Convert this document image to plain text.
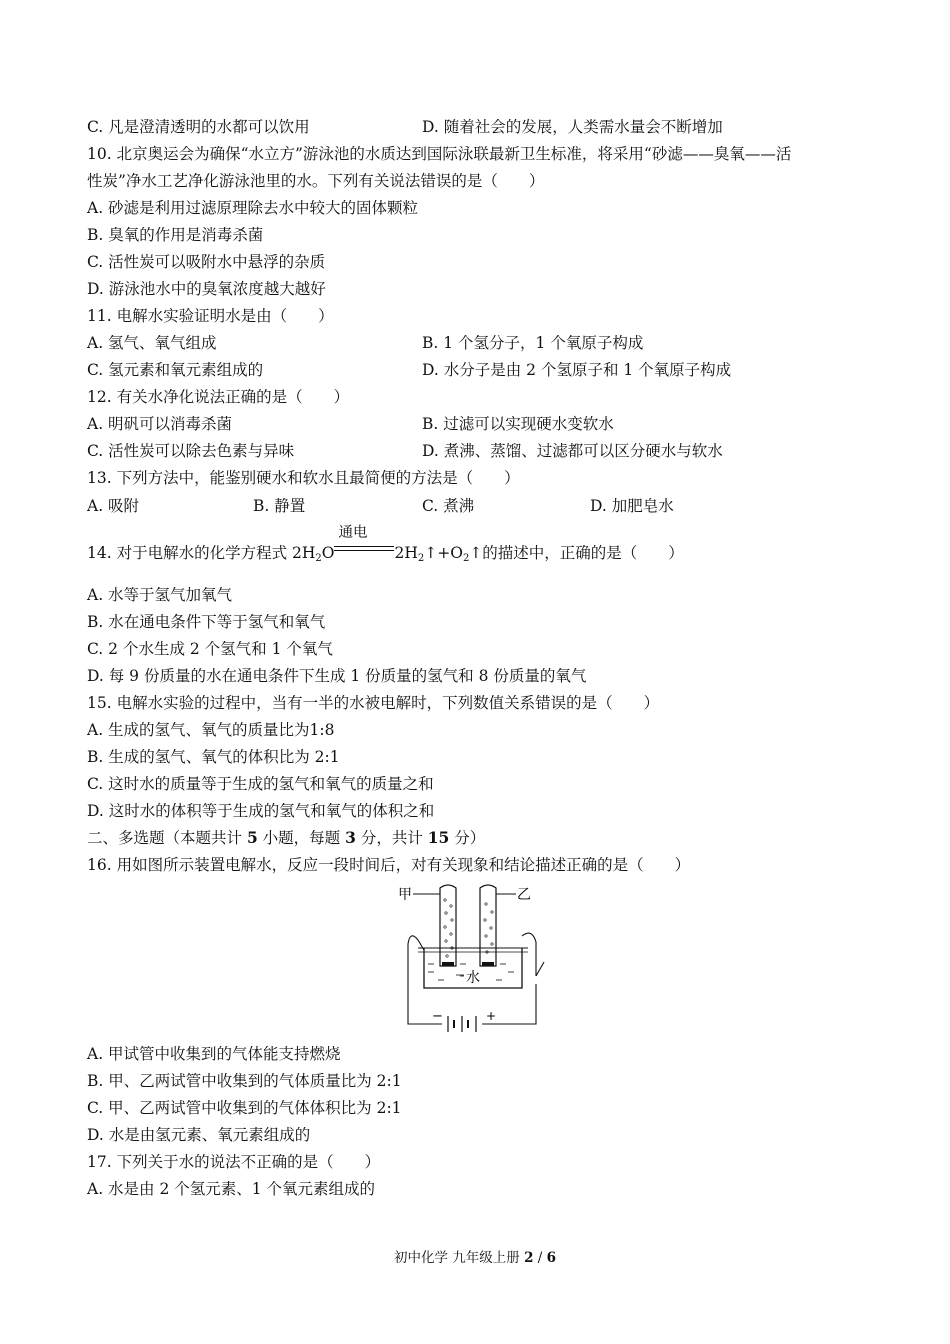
C. 凡是澄清透明的水都可以饮用	D. 随着社会的发展，人类需水量会不断增加
10. 北京奥运会为确保“水立方”游泳池的水质达到国际泳联最新卫生标准，将采用“砂滤——臭氧——活
性炭”净水工艺净化游泳池里的水。下列有关说法错误的是（　　）
A. 砂滤是利用过滤原理除去水中较大的固体颗粒
B. 臭氧的作用是消毒杀菌
C. 活性炭可以吸附水中悬浮的杂质
D. 游泳池水中的臭氧浓度越大越好
11. 电解水实验证明水是由（　　）
A. 氢气、氧气组成	B. 1 个氢分子，1 个氧原子构成
C. 氢元素和氧元素组成的	D. 水分子是由 2 个氢原子和 1 个氧原子构成
12. 有关水净化说法正确的是（　　）
A. 明矾可以消毒杀菌	B. 过滤可以实现硬水变软水
C. 活性炭可以除去色素与异味	D. 煮沸、蒸馏、过滤都可以区分硬水与软水
13. 下列方法中，能鉴别硬水和软水且最简便的方法是（　　）
A. 吸附	B. 静置	C. 煮沸	D. 加肥皂水
14. 对于电解水的化学方程式 $2H_2O$
通电
$2H_2↑+O_2↑$的描述中，正确的是（　　）
A. 水等于氢气加氧气
B. 水在通电条件下等于氢气和氧气
C. 2 个水生成 2 个氢气和 1 个氧气
D. 每 9 份质量的水在通电条件下生成 1 份质量的氢气和 8 份质量的氧气
15. 电解水实验的过程中，当有一半的水被电解时，下列数值关系错误的是（　　）
A. 生成的氢气、氧气的质量比为1:8
B. 生成的氢气、氧气的体积比为 2:1
C. 这时水的质量等于生成的氢气和氧气的质量之和
D. 这时水的体积等于生成的氢气和氧气的体积之和
二、多选题（本题共计 5 小题，每题 3 分，共计 15 分）
16. 用如图所示装置电解水，反应一段时间后，对有关现象和结论描述正确的是（　　）
甲	乙
水
−	+
A. 甲试管中收集到的气体能支持燃烧
B. 甲、乙两试管中收集到的气体质量比为 2:1
C. 甲、乙两试管中收集到的气体体积比为 2:1
D. 水是由氢元素、氧元素组成的
17. 下列关于水的说法不正确的是（　　）
A. 水是由 2 个氢元素、1 个氧元素组成的
初中化学 九年级上册 2 / 6
